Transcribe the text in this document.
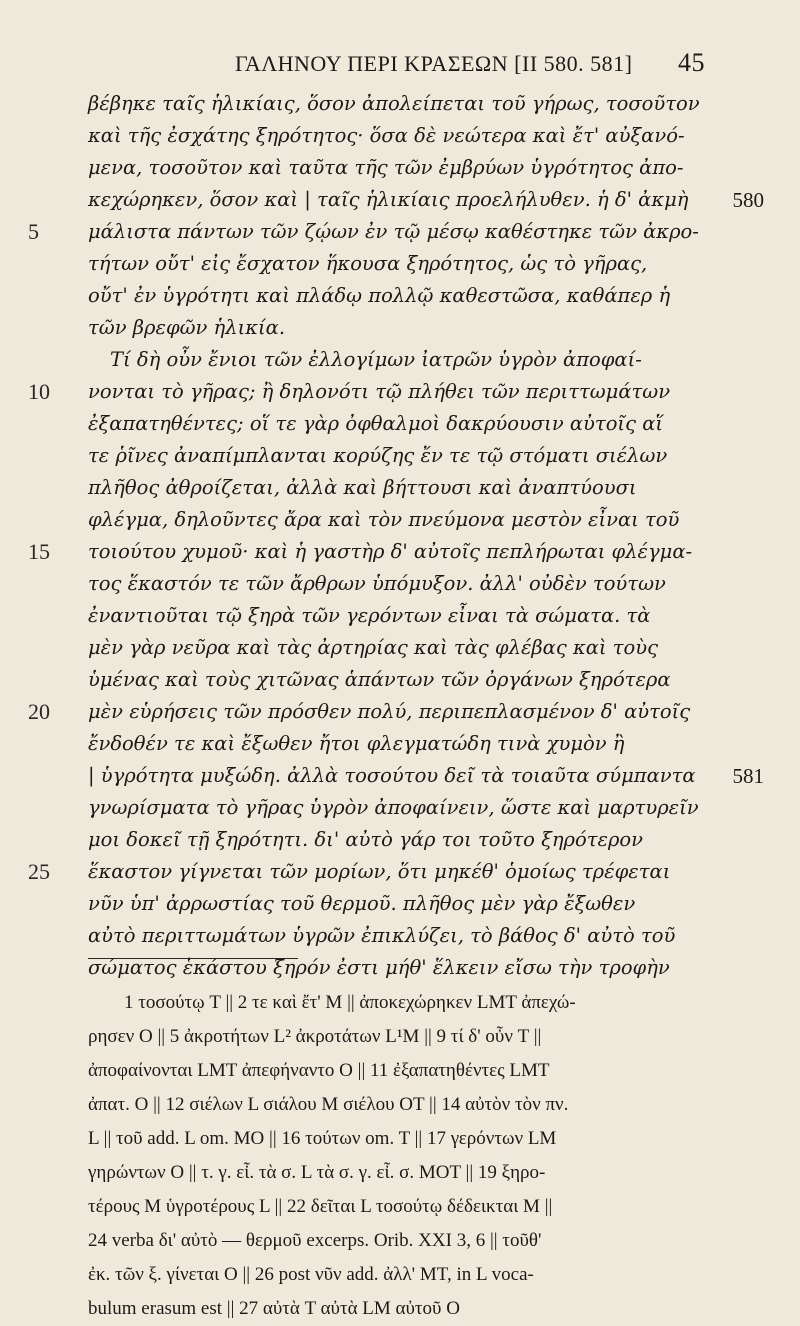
ΓΑΛΗΝΟΥ ΠΕΡΙ ΚΡΑΣΕΩΝ [II 580. 581] 45
5
10
15
20
25
580
581
βέβηκε ταῖς ἡλικίαις, ὅσον ἀπολείπεται τοῦ γήρως, τοσοῦτον
καὶ τῆς ἐσχάτης ξηρότητος· ὅσα δὲ νεώτερα καὶ ἔτ' αὐξανό-
μενα, τοσοῦτον καὶ ταῦτα τῆς τῶν ἐμβρύων ὑγρότητος ἀπο-
κεχώρηκεν, ὅσον καὶ | ταῖς ἡλικίαις προελήλυθεν. ἡ δ' ἀκμὴ
μάλιστα πάντων τῶν ζῴων ἐν τῷ μέσῳ καθέστηκε τῶν ἀκρο-
τήτων οὔτ' εἰς ἔσχατον ἥκουσα ξηρότητος, ὡς τὸ γῆρας,
οὔτ' ἐν ὑγρότητι καὶ πλάδῳ πολλῷ καθεστῶσα, καθάπερ ἡ
τῶν βρεφῶν ἡλικία.
Τί δὴ οὖν ἔνιοι τῶν ἐλλογίμων ἰατρῶν ὑγρὸν ἀποφαί-
νονται τὸ γῆρας; ἢ δηλονότι τῷ πλήθει τῶν περιττωμάτων
ἐξαπατηθέντες; οἵ τε γὰρ ὀφθαλμοὶ δακρύουσιν αὐτοῖς αἵ
τε ῥῖνες ἀναπίμπλανται κορύζης ἔν τε τῷ στόματι σιέλων
πλῆθος ἀθροίζεται, ἀλλὰ καὶ βήττουσι καὶ ἀναπτύουσι
φλέγμα, δηλοῦντες ἄρα καὶ τὸν πνεύμονα μεστὸν εἶναι τοῦ
τοιούτου χυμοῦ· καὶ ἡ γαστὴρ δ' αὐτοῖς πεπλήρωται φλέγμα-
τος ἕκαστόν τε τῶν ἄρθρων ὑπόμυξον. ἀλλ' οὐδὲν τούτων
ἐναντιοῦται τῷ ξηρὰ τῶν γερόντων εἶναι τὰ σώματα. τὰ
μὲν γὰρ νεῦρα καὶ τὰς ἀρτηρίας καὶ τὰς φλέβας καὶ τοὺς
ὑμένας καὶ τοὺς χιτῶνας ἁπάντων τῶν ὀργάνων ξηρότερα
μὲν εὑρήσεις τῶν πρόσθεν πολύ, περιπεπλασμένον δ' αὐτοῖς
ἔνδοθέν τε καὶ ἔξωθεν ἤτοι φλεγματώδη τινὰ χυμὸν ἢ
| ὑγρότητα μυξώδη. ἀλλὰ τοσούτου δεῖ τὰ τοιαῦτα σύμπαντα
γνωρίσματα τὸ γῆρας ὑγρὸν ἀποφαίνειν, ὥστε καὶ μαρτυρεῖν
μοι δοκεῖ τῇ ξηρότητι. δι' αὐτὸ γάρ τοι τοῦτο ξηρότερον
ἕκαστον γίγνεται τῶν μορίων, ὅτι μηκέθ' ὁμοίως τρέφεται
νῦν ὑπ' ἀρρωστίας τοῦ θερμοῦ. πλῆθος μὲν γὰρ ἔξωθεν
αὐτὸ περιττωμάτων ὑγρῶν ἐπικλύζει, τὸ βάθος δ' αὐτὸ τοῦ
σώματος ἑκάστου ξηρόν ἐστι μήθ' ἕλκειν εἴσω τὴν τροφὴν
1 τοσούτῳ T || 2 τε καὶ ἔτ' M || ἀποκεχώρηκεν LMT ἀπεχώ-
ρησεν O || 5 ἀκροτήτων L² ἀκροτάτων L¹M || 9 τί δ' οὖν T ||
ἀποφαίνονται LMT ἀπεφήναντο O || 11 ἐξαπατηθέντες LMT
ἀπατ. O || 12 σιέλων L σιάλου M σιέλου OT || 14 αὐτὸν τὸν πν.
L || τοῦ add. L om. MO || 16 τούτων om. T || 17 γερόντων LM
γηρώντων O || τ. γ. εἶ. τὰ σ. L τὰ σ. γ. εἶ. σ. MOT || 19 ξηρο-
τέρους M ὑγροτέρους L || 22 δεῖται L τοσούτῳ δέδεικται M ||
24 verba δι' αὐτὸ — θερμοῦ excerps. Orib. XXI 3, 6 || τοῦθ'
ἐκ. τῶν ξ. γίνεται O || 26 post νῦν add. ἀλλ' MT, in L voca-
bulum erasum est || 27 αὐτὰ T αὐτὰ LM αὐτοῦ O
